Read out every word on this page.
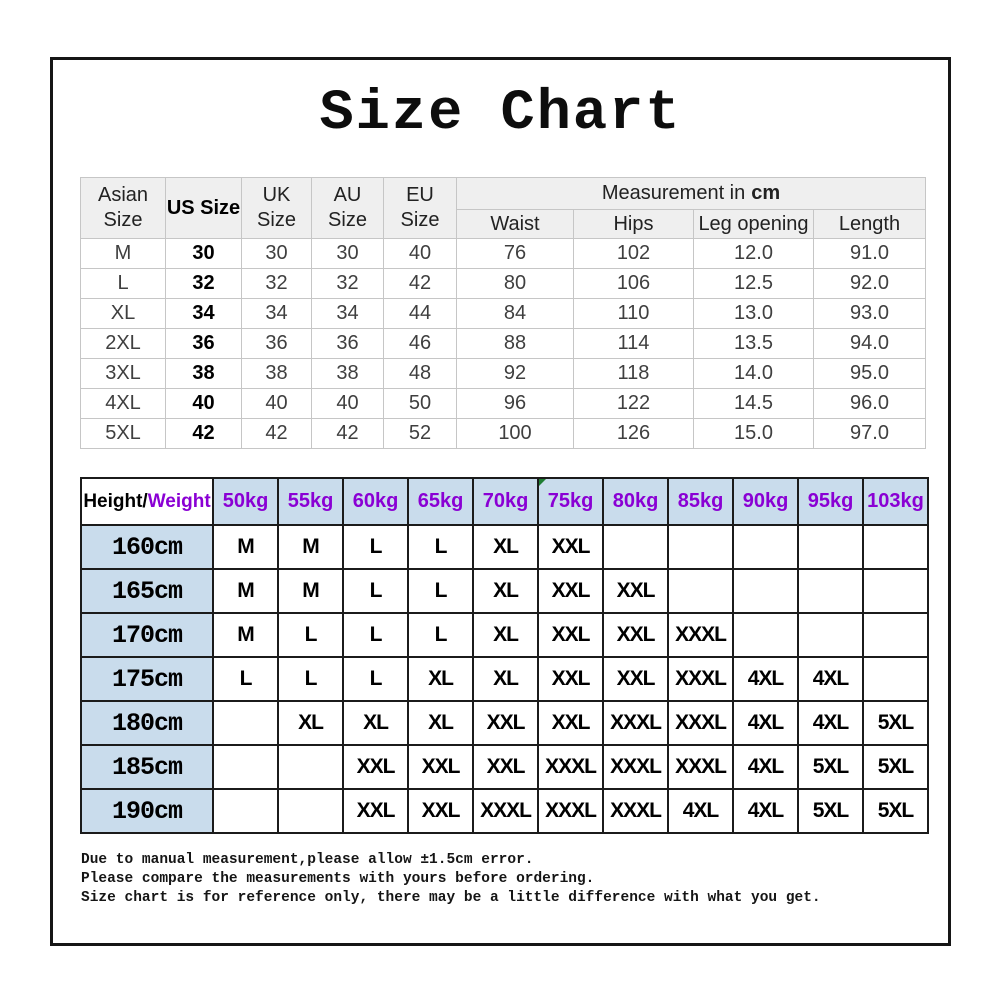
Size Chart
Asian Size	US Size	UK Size	AU Size	EU Size	Measurement in cm			
					Waist	Hips	Leg opening	Length
M	30	30	30	40	76	102	12.0	91.0
L	32	32	32	42	80	106	12.5	92.0
XL	34	34	34	44	84	110	13.0	93.0
2XL	36	36	36	46	88	114	13.5	94.0
3XL	38	38	38	48	92	118	14.0	95.0
4XL	40	40	40	50	96	122	14.5	96.0
5XL	42	42	42	52	100	126	15.0	97.0
Height/Weight	50kg	55kg	60kg	65kg	70kg	75kg	80kg	85kg	90kg	95kg	103kg
160cm	M	M	L	L	XL	XXL					
165cm	M	M	L	L	XL	XXL	XXL				
170cm	M	L	L	L	XL	XXL	XXL	XXXL			
175cm	L	L	L	XL	XL	XXL	XXL	XXXL	4XL	4XL	
180cm		XL	XL	XL	XXL	XXL	XXXL	XXXL	4XL	4XL	5XL
185cm			XXL	XXL	XXL	XXXL	XXXL	XXXL	4XL	5XL	5XL
190cm			XXL	XXL	XXXL	XXXL	XXXL	4XL	4XL	5XL	5XL
Due to manual measurement,please allow ±1.5cm error.
Please compare the measurements with yours before ordering.
Size chart is for reference only, there may be a little difference with what you get.
